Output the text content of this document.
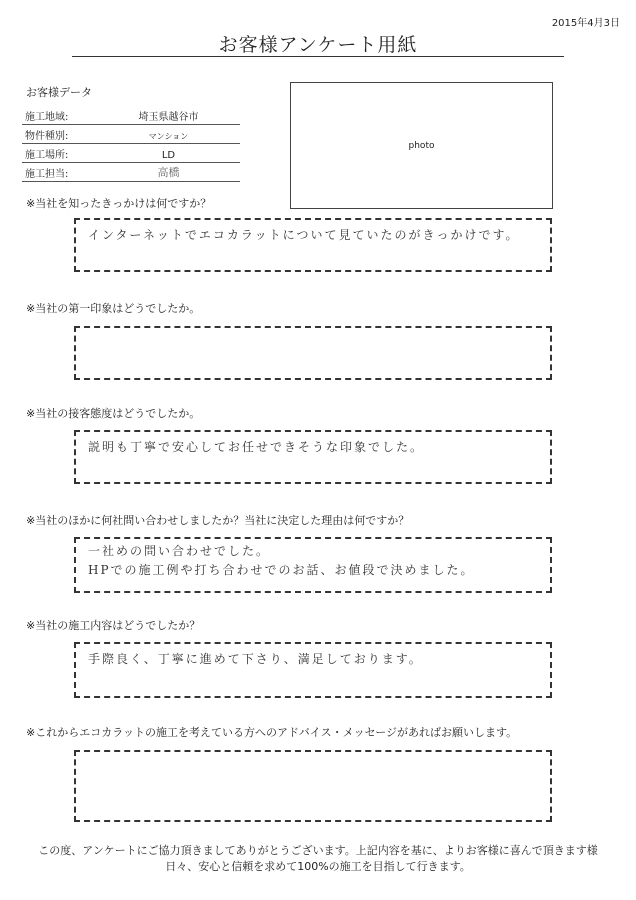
2015年4月3日
お客様アンケート用紙
お客様データ
施工地域:	埼玉県越谷市
物件種別:	マンション
施工場所:	LD
施工担当:	高橋
photo
※当社を知ったきっかけは何ですか？
インターネットでエコカラットについて見ていたのがきっかけです。
※当社の第一印象はどうでしたか。
※当社の接客態度はどうでしたか。
説明も丁寧で安心してお任せできそうな印象でした。
※当社のほかに何社問い合わせしましたか？当社に決定した理由は何ですか？
一社めの問い合わせでした。
HPでの施工例や打ち合わせでのお話、お値段で決めました。
※当社の施工内容はどうでしたか？
手際良く、丁寧に進めて下さり、満足しております。
※これからエコカラットの施工を考えている方へのアドバイス・メッセージがあればお願いします。
この度、アンケートにご協力頂きましてありがとうございます。上記内容を基に、よりお客様に喜んで頂きます様
日々、安心と信頼を求めて100%の施工を目指して行きます。
